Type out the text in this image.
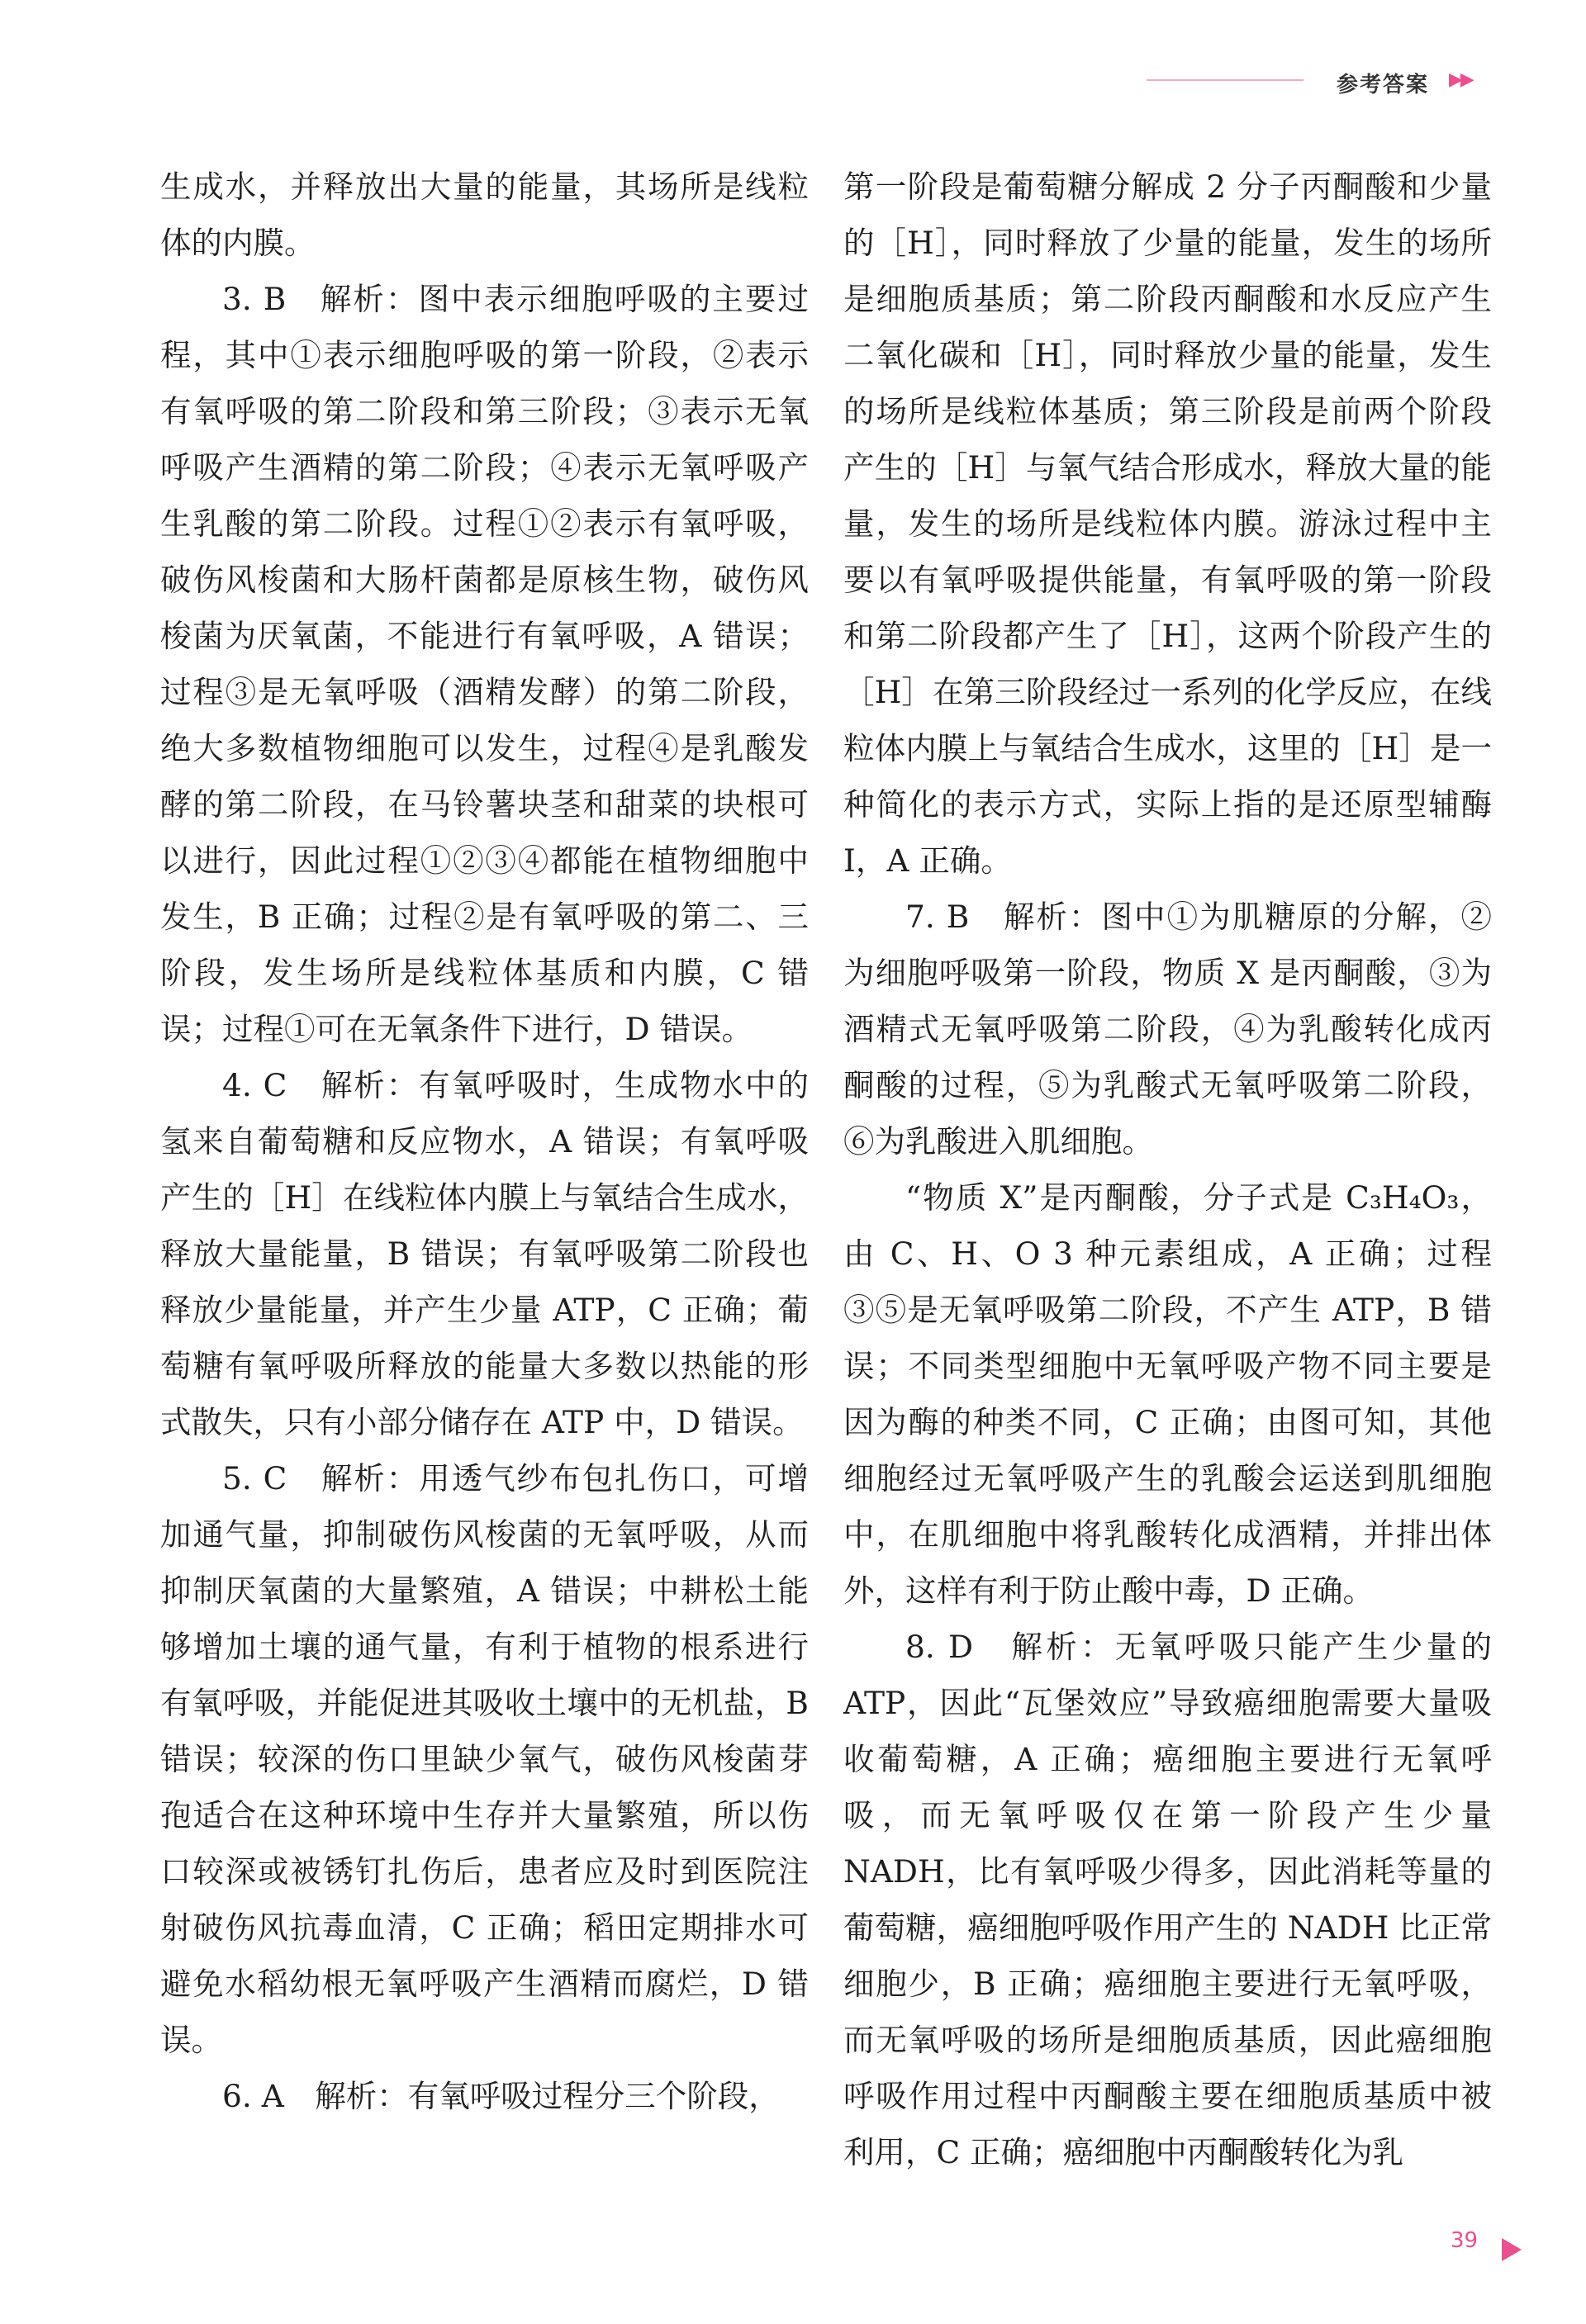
参考答案 ▶▶

生成水，并释放出大量的能量，其场所是线粒体的内膜。

3. B　解析：图中表示细胞呼吸的主要过程，其中①表示细胞呼吸的第一阶段，②表示有氧呼吸的第二阶段和第三阶段；③表示无氧呼吸产生酒精的第二阶段；④表示无氧呼吸产生乳酸的第二阶段。过程①②表示有氧呼吸，破伤风梭菌和大肠杆菌都是原核生物，破伤风梭菌为厌氧菌，不能进行有氧呼吸，A 错误；过程③是无氧呼吸（酒精发酵）的第二阶段，绝大多数植物细胞可以发生，过程④是乳酸发酵的第二阶段，在马铃薯块茎和甜菜的块根可以进行，因此过程①②③④都能在植物细胞中发生，B 正确；过程②是有氧呼吸的第二、三阶段，发生场所是线粒体基质和内膜，C 错误；过程①可在无氧条件下进行，D 错误。

4. C　解析：有氧呼吸时，生成物水中的氢来自葡萄糖和反应物水，A 错误；有氧呼吸产生的［H］在线粒体内膜上与氧结合生成水，释放大量能量，B 错误；有氧呼吸第二阶段也释放少量能量，并产生少量 ATP，C 正确；葡萄糖有氧呼吸所释放的能量大多数以热能的形式散失，只有小部分储存在 ATP 中，D 错误。

5. C　解析：用透气纱布包扎伤口，可增加通气量，抑制破伤风梭菌的无氧呼吸，从而抑制厌氧菌的大量繁殖，A 错误；中耕松土能够增加土壤的通气量，有利于植物的根系进行有氧呼吸，并能促进其吸收土壤中的无机盐，B 错误；较深的伤口里缺少氧气，破伤风梭菌芽孢适合在这种环境中生存并大量繁殖，所以伤口较深或被锈钉扎伤后，患者应及时到医院注射破伤风抗毒血清，C 正确；稻田定期排水可避免水稻幼根无氧呼吸产生酒精而腐烂，D 错误。

6. A　解析：有氧呼吸过程分三个阶段，

第一阶段是葡萄糖分解成 2 分子丙酮酸和少量的［H］，同时释放了少量的能量，发生的场所是细胞质基质；第二阶段丙酮酸和水反应产生二氧化碳和［H］，同时释放少量的能量，发生的场所是线粒体基质；第三阶段是前两个阶段产生的［H］与氧气结合形成水，释放大量的能量，发生的场所是线粒体内膜。游泳过程中主要以有氧呼吸提供能量，有氧呼吸的第一阶段和第二阶段都产生了［H］，这两个阶段产生的［H］在第三阶段经过一系列的化学反应，在线粒体内膜上与氧结合生成水，这里的［H］是一种简化的表示方式，实际上指的是还原型辅酶 Ⅰ，A 正确。

7. B　解析：图中①为肌糖原的分解，②为细胞呼吸第一阶段，物质 X 是丙酮酸，③为酒精式无氧呼吸第二阶段，④为乳酸转化成丙酮酸的过程，⑤为乳酸式无氧呼吸第二阶段，⑥为乳酸进入肌细胞。

“物质 X”是丙酮酸，分子式是 C₃H₄O₃，由 C、H、O 3 种元素组成，A 正确；过程③⑤是无氧呼吸第二阶段，不产生 ATP，B 错误；不同类型细胞中无氧呼吸产物不同主要是因为酶的种类不同，C 正确；由图可知，其他细胞经过无氧呼吸产生的乳酸会运送到肌细胞中，在肌细胞中将乳酸转化成酒精，并排出体外，这样有利于防止酸中毒，D 正确。

8. D　解析：无氧呼吸只能产生少量的 ATP，因此“瓦堡效应”导致癌细胞需要大量吸收葡萄糖，A 正确；癌细胞主要进行无氧呼吸，而无氧呼吸仅在第一阶段产生少量 NADH，比有氧呼吸少得多，因此消耗等量的葡萄糖，癌细胞呼吸作用产生的 NADH 比正常细胞少，B 正确；癌细胞主要进行无氧呼吸，而无氧呼吸的场所是细胞质基质，因此癌细胞呼吸作用过程中丙酮酸主要在细胞质基质中被利用，C 正确；癌细胞中丙酮酸转化为乳

39
